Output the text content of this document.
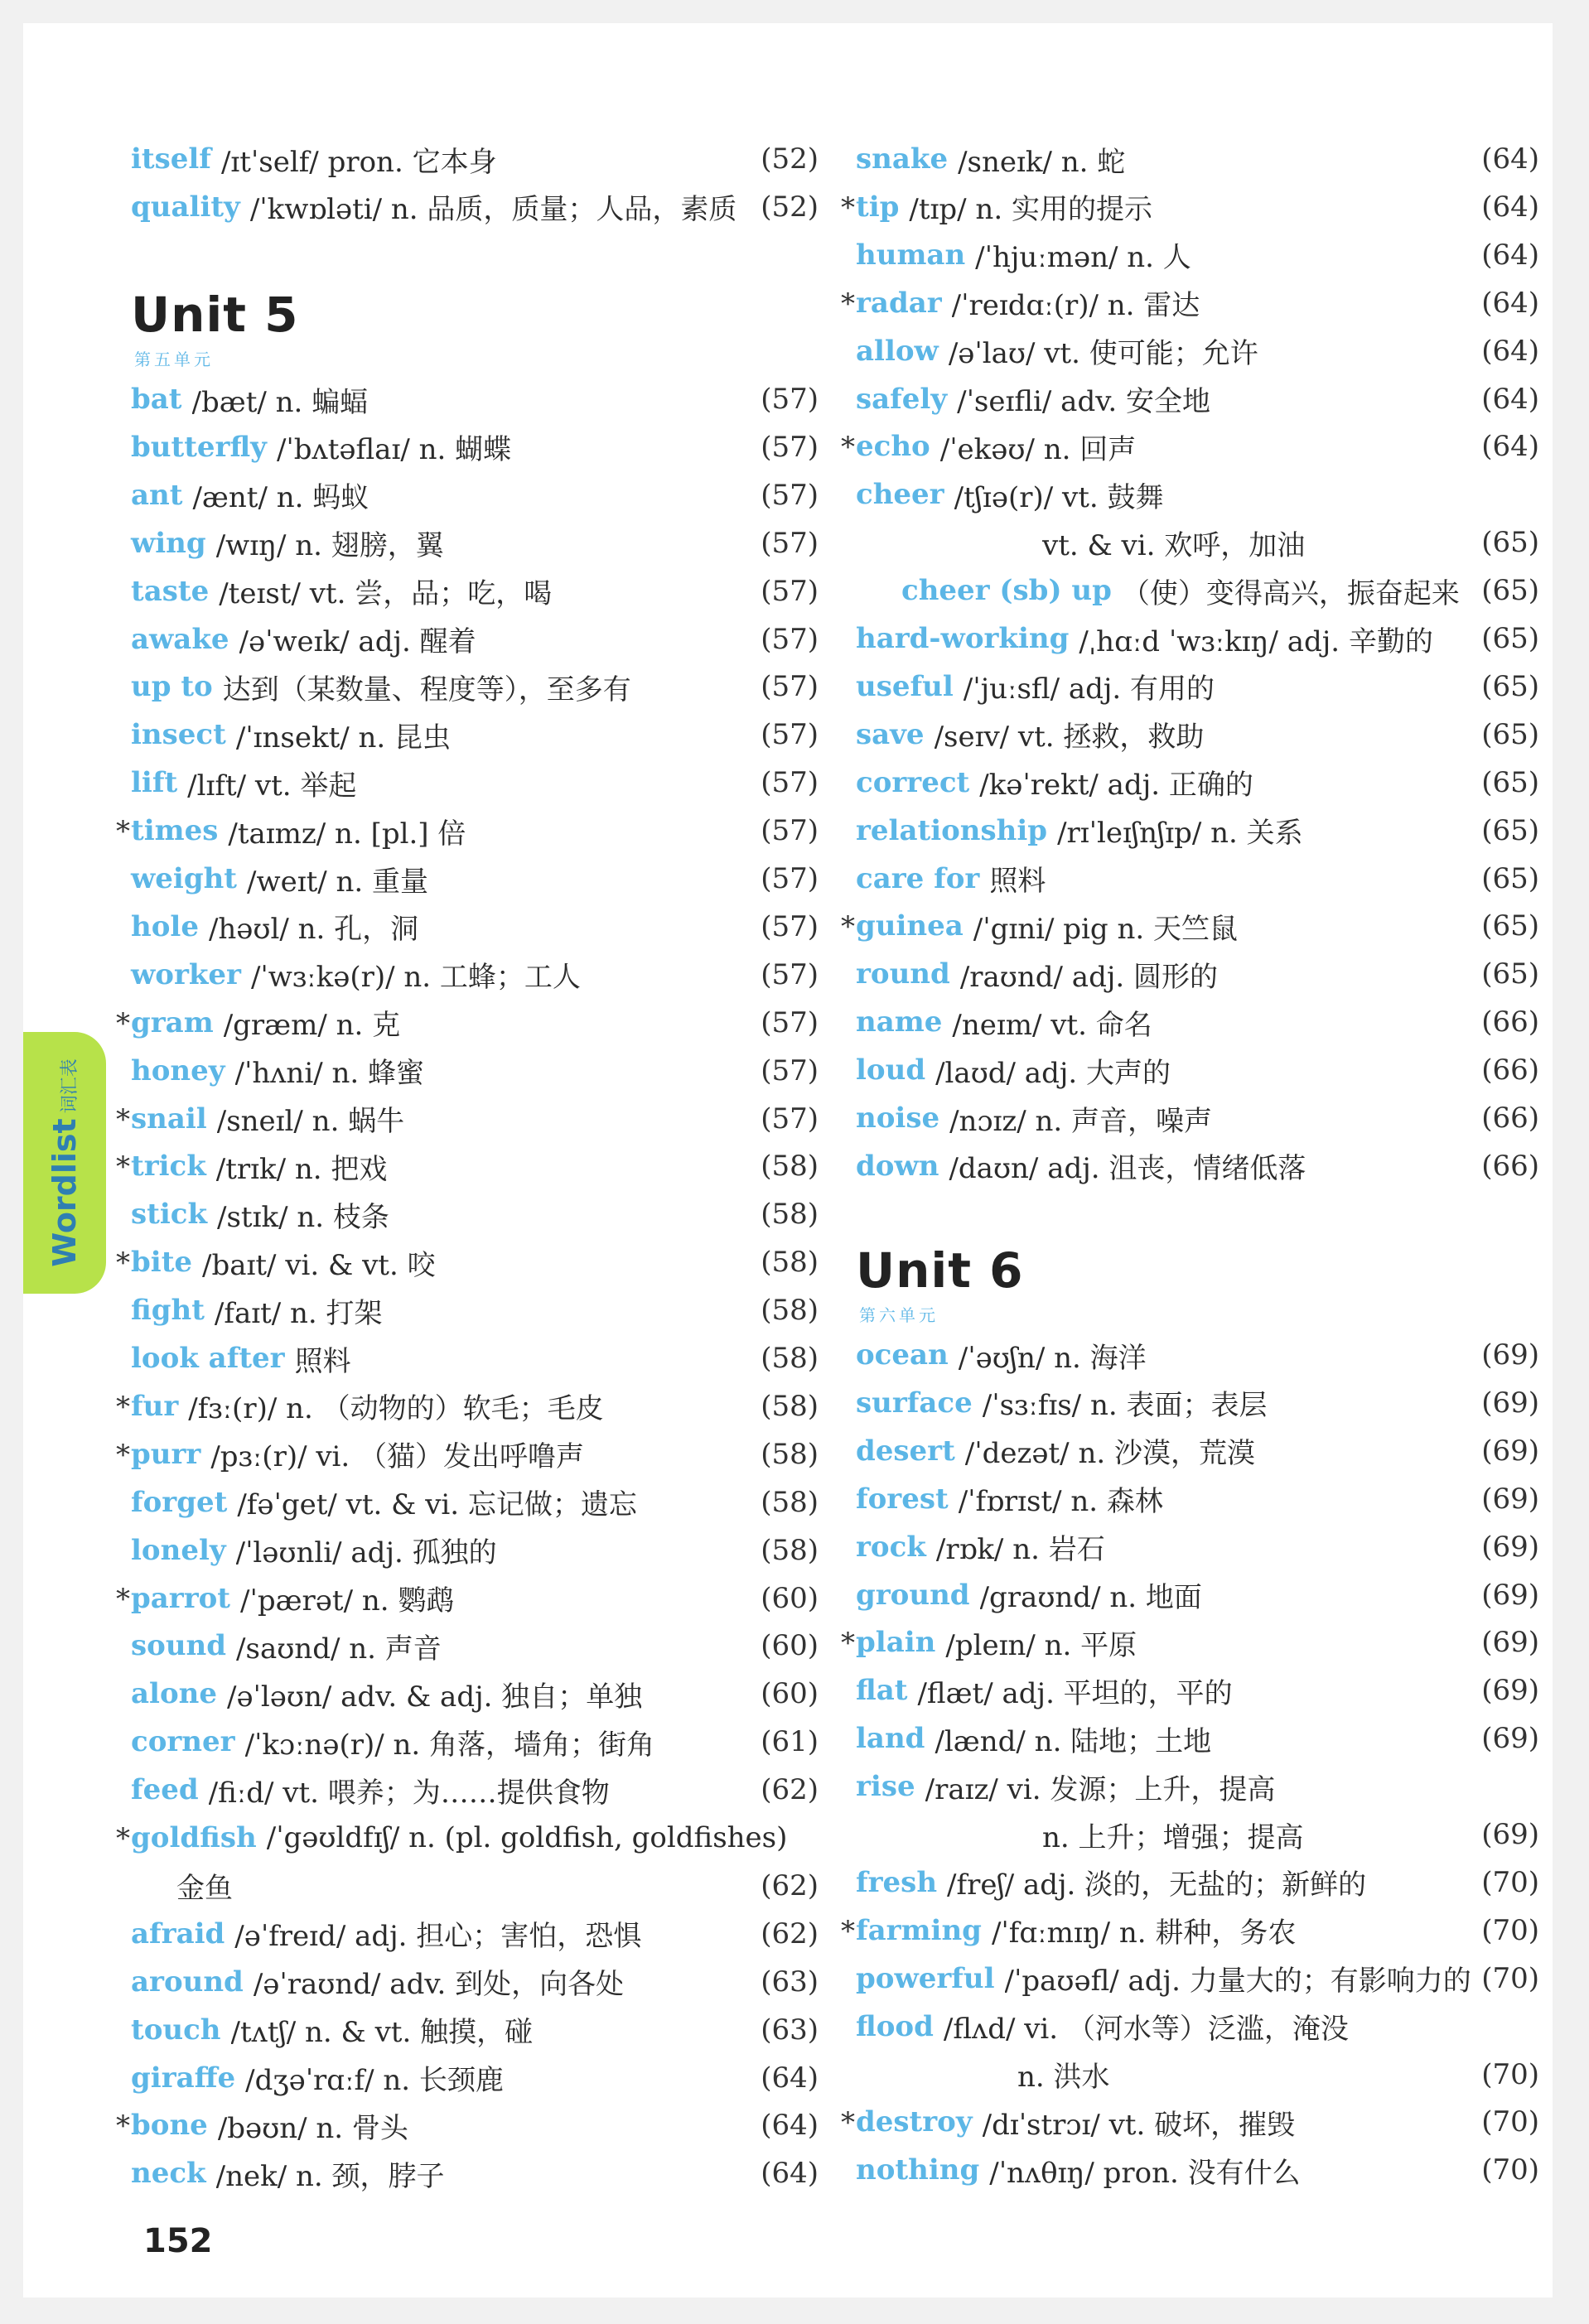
Wordlist词汇表
itself /ɪtˈself/ pron. 它本身	(52)
quality /ˈkwɒləti/ n. 品质，质量；人品，素质 (52)
Unit 5
第五单元
bat /bæt/ n. 蝙蝠	(57)
butterfly /ˈbʌtəflaɪ/ n. 蝴蝶	(57)
ant /ænt/ n. 蚂蚁	(57)
wing /wɪŋ/ n. 翅膀，翼	(57)
taste /teɪst/ vt. 尝，品；吃，喝	(57)
awake /əˈweɪk/ adj. 醒着	(57)
up to 达到（某数量、程度等），至多有	(57)
insect /ˈɪnsekt/ n. 昆虫	(57)
lift /lɪft/ vt. 举起	(57)
* times /taɪmz/ n. [pl.] 倍	(57)
weight /weɪt/ n. 重量	(57)
hole /həʊl/ n. 孔，洞	(57)
worker /ˈwɜːkə(r)/ n. 工蜂；工人	(57)
* gram /græm/ n. 克	(57)
honey /ˈhʌni/ n. 蜂蜜	(57)
* snail /sneɪl/ n. 蜗牛	(57)
* trick /trɪk/ n. 把戏	(58)
stick /stɪk/ n. 枝条	(58)
* bite /baɪt/ vi. & vt. 咬	(58)
fight /faɪt/ n. 打架	(58)
look after 照料	(58)
* fur /fɜː(r)/ n. （动物的）软毛；毛皮	(58)
* purr /pɜː(r)/ vi. （猫）发出呼噜声	(58)
forget /fəˈget/ vt. & vi. 忘记做；遗忘	(58)
lonely /ˈləʊnli/ adj. 孤独的	(58)
* parrot /ˈpærət/ n. 鹦鹉	(60)
sound /saʊnd/ n. 声音	(60)
alone /əˈləʊn/ adv. & adj. 独自；单独	(60)
corner /ˈkɔːnə(r)/ n. 角落，墙角；街角	(61)
feed /fiːd/ vt. 喂养；为……提供食物	(62)
* goldfish /ˈgəʊldfɪʃ/ n. (pl. goldfish, goldfishes)
金鱼	(62)
afraid /əˈfreɪd/ adj. 担心；害怕，恐惧	(62)
around /əˈraʊnd/ adv. 到处，向各处	(63)
touch /tʌtʃ/ n. & vt. 触摸，碰	(63)
giraffe /dʒəˈrɑːf/ n. 长颈鹿	(64)
* bone /bəʊn/ n. 骨头	(64)
neck /nek/ n. 颈，脖子	(64)
snake /sneɪk/ n. 蛇	(64)
* tip /tɪp/ n. 实用的提示	(64)
human /ˈhjuːmən/ n. 人	(64)
* radar /ˈreɪdɑː(r)/ n. 雷达	(64)
allow /əˈlaʊ/ vt. 使可能；允许	(64)
safely /ˈseɪfli/ adv. 安全地	(64)
* echo /ˈekəʊ/ n. 回声	(64)
cheer /tʃɪə(r)/ vt. 鼓舞
vt. & vi. 欢呼，加油	(65)
cheer (sb) up （使）变得高兴，振奋起来 (65)
hard-working /ˌhɑːd ˈwɜːkɪŋ/ adj. 辛勤的	(65)
useful /ˈjuːsfl/ adj. 有用的	(65)
save /seɪv/ vt. 拯救，救助	(65)
correct /kəˈrekt/ adj. 正确的	(65)
relationship /rɪˈleɪʃnʃɪp/ n. 关系	(65)
care for 照料	(65)
* guinea /ˈgɪni/ pig n. 天竺鼠	(65)
round /raʊnd/ adj. 圆形的	(65)
name /neɪm/ vt. 命名	(66)
loud /laʊd/ adj. 大声的	(66)
noise /nɔɪz/ n. 声音，噪声	(66)
down /daʊn/ adj. 沮丧，情绪低落	(66)
Unit 6
第六单元
ocean /ˈəʊʃn/ n. 海洋	(69)
surface /ˈsɜːfɪs/ n. 表面；表层	(69)
desert /ˈdezət/ n. 沙漠，荒漠	(69)
forest /ˈfɒrɪst/ n. 森林	(69)
rock /rɒk/ n. 岩石	(69)
ground /graʊnd/ n. 地面	(69)
* plain /pleɪn/ n. 平原	(69)
flat /flæt/ adj. 平坦的，平的	(69)
land /lænd/ n. 陆地；土地	(69)
rise /raɪz/ vi. 发源；上升，提高
n. 上升；增强；提高	(69)
fresh /freʃ/ adj. 淡的，无盐的；新鲜的	(70)
* farming /ˈfɑːmɪŋ/ n. 耕种，务农	(70)
powerful /ˈpaʊəfl/ adj. 力量大的；有影响力的 (70)
flood /flʌd/ vi. （河水等）泛滥，淹没
n. 洪水	(70)
* destroy /dɪˈstrɔɪ/ vt. 破坏，摧毁	(70)
nothing /ˈnʌθɪŋ/ pron. 没有什么	(70)
152
